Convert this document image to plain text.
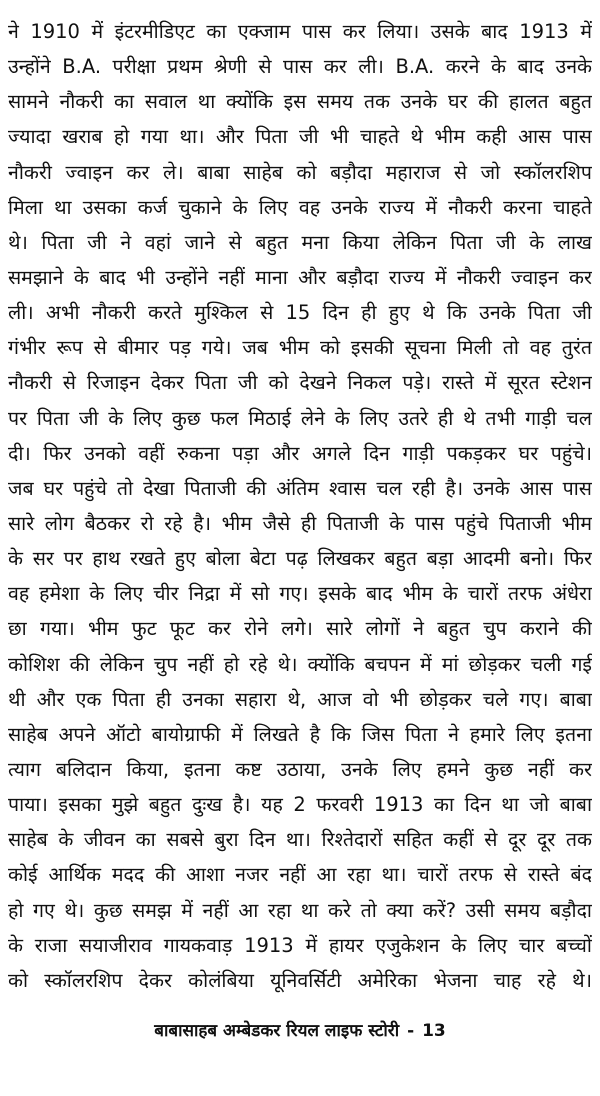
ने 1910 में इंटरमीडिएट का एक्जाम पास कर लिया। उसके बाद 1913 में
उन्होंने B.A. परीक्षा प्रथम श्रेणी से पास कर ली। B.A. करने के बाद उनके
सामने नौकरी का सवाल था क्योंकि इस समय तक उनके घर की हालत बहुत
ज्यादा खराब हो गया था। और पिता जी भी चाहते थे भीम कही आस पास
नौकरी ज्वाइन कर ले। बाबा साहेब को बड़ौदा महाराज से जो स्कॉलरशिप
मिला था उसका कर्ज चुकाने के लिए वह उनके राज्य में नौकरी करना चाहते
थे। पिता जी ने वहां जाने से बहुत मना किया लेकिन पिता जी के लाख
समझाने के बाद भी उन्होंने नहीं माना और बड़ौदा राज्य में नौकरी ज्वाइन कर
ली। अभी नौकरी करते मुश्किल से 15 दिन ही हुए थे कि उनके पिता जी
गंभीर रूप से बीमार पड़ गये। जब भीम को इसकी सूचना मिली तो वह तुरंत
नौकरी से रिजाइन देकर पिता जी को देखने निकल पड़े। रास्ते में सूरत स्टेशन
पर पिता जी के लिए कुछ फल मिठाई लेने के लिए उतरे ही थे तभी गाड़ी चल
दी। फिर उनको वहीं रुकना पड़ा और अगले दिन गाड़ी पकड़कर घर पहुंचे।
जब घर पहुंचे तो देखा पिताजी की अंतिम श्वास चल रही है। उनके आस पास
सारे लोग बैठकर रो रहे है। भीम जैसे ही पिताजी के पास पहुंचे पिताजी भीम
के सर पर हाथ रखते हुए बोला बेटा पढ़ लिखकर बहुत बड़ा आदमी बनो। फिर
वह हमेशा के लिए चीर निद्रा में सो गए। इसके बाद भीम के चारों तरफ अंधेरा
छा गया। भीम फुट फूट कर रोने लगे। सारे लोगों ने बहुत चुप कराने की
कोशिश की लेकिन चुप नहीं हो रहे थे। क्योंकि बचपन में मां छोड़कर चली गई
थी और एक पिता ही उनका सहारा थे, आज वो भी छोड़कर चले गए। बाबा
साहेब अपने ऑटो बायोग्राफी में लिखते है कि जिस पिता ने हमारे लिए इतना
त्याग बलिदान किया, इतना कष्ट उठाया, उनके लिए हमने कुछ नहीं कर
पाया। इसका मुझे बहुत दुःख है। यह 2 फरवरी 1913 का दिन था जो बाबा
साहेब के जीवन का सबसे बुरा दिन था। रिश्तेदारों सहित कहीं से दूर दूर तक
कोई आर्थिक मदद की आशा नजर नहीं आ रहा था। चारों तरफ से रास्ते बंद
हो गए थे। कुछ समझ में नहीं आ रहा था करे तो क्या करें? उसी समय बड़ौदा
के राजा सयाजीराव गायकवाड़ 1913 में हायर एजुकेशन के लिए चार बच्चों
को स्कॉलरशिप देकर कोलंबिया यूनिवर्सिटी अमेरिका भेजना चाह रहे थे।
बाबासाहब अम्बेडकर रियल लाइफ स्टोरी - 13
